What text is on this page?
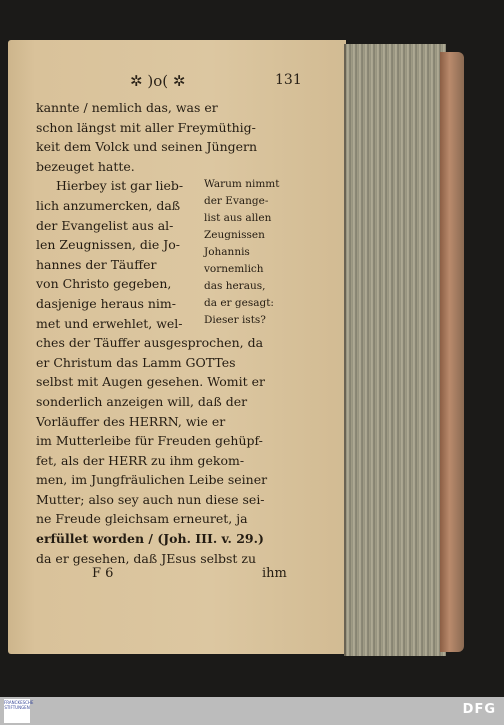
✲ )o( ✲	131
kannte / nemlich das, was er
schon längst mit aller Freymüthig-
keit dem Volck und seinen Jüngern
bezeuget hatte.
Hierbey ist gar lieb-
lich anzumercken, daß
der Evangelist aus al-
len Zeugnissen, die Jo-
hannes der Täuffer
von Christo gegeben,
dasjenige heraus nim-
met und erwehlet, wel-
ches der Täuffer ausgesprochen, da
er Christum das Lamm GOTTes
selbst mit Augen gesehen. Womit er
sonderlich anzeigen will, daß der
Vorläuffer des HERRN, wie er
im Mutterleibe für Freuden gehüpf-
fet, als der HERR zu ihm gekom-
men, im Jungfräulichen Leibe seiner
Mutter; also sey auch nun diese sei-
ne Freude gleichsam erneuret, ja
erfüllet worden / (Joh. III. v. 29.)
da er gesehen, daß JEsus selbst zu
Warum nimmt
der Evange-
list aus allen
Zeugnissen
Johannis
vornemlich
das heraus,
da er gesagt:
Dieser ists?
F 6	ihm
FRANCKESCHE STIFTUNGEN	DFG
